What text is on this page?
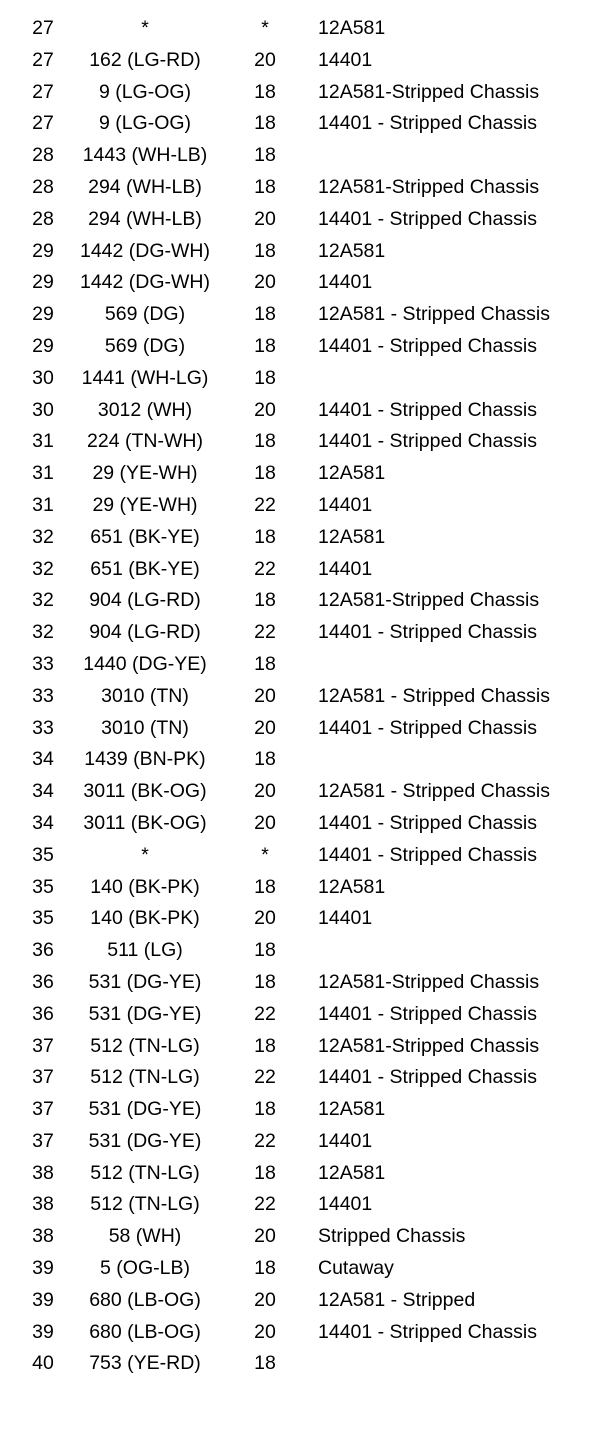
27	*	*	12A581
27	162 (LG-RD)	20	14401
27	9 (LG-OG)	18	12A581-Stripped Chassis
27	9 (LG-OG)	18	14401 - Stripped Chassis
28	1443 (WH-LB)	18
28	294 (WH-LB)	18	12A581-Stripped Chassis
28	294 (WH-LB)	20	14401 - Stripped Chassis
29	1442 (DG-WH)	18	12A581
29	1442 (DG-WH)	20	14401
29	569 (DG)	18	12A581 - Stripped Chassis
29	569 (DG)	18	14401 - Stripped Chassis
30	1441 (WH-LG)	18
30	3012 (WH)	20	14401 - Stripped Chassis
31	224 (TN-WH)	18	14401 - Stripped Chassis
31	29 (YE-WH)	18	12A581
31	29 (YE-WH)	22	14401
32	651 (BK-YE)	18	12A581
32	651 (BK-YE)	22	14401
32	904 (LG-RD)	18	12A581-Stripped Chassis
32	904 (LG-RD)	22	14401 - Stripped Chassis
33	1440 (DG-YE)	18
33	3010 (TN)	20	12A581 - Stripped Chassis
33	3010 (TN)	20	14401 - Stripped Chassis
34	1439 (BN-PK)	18
34	3011 (BK-OG)	20	12A581 - Stripped Chassis
34	3011 (BK-OG)	20	14401 - Stripped Chassis
35	*	*	14401 - Stripped Chassis
35	140 (BK-PK)	18	12A581
35	140 (BK-PK)	20	14401
36	511 (LG)	18
36	531 (DG-YE)	18	12A581-Stripped Chassis
36	531 (DG-YE)	22	14401 - Stripped Chassis
37	512 (TN-LG)	18	12A581-Stripped Chassis
37	512 (TN-LG)	22	14401 - Stripped Chassis
37	531 (DG-YE)	18	12A581
37	531 (DG-YE)	22	14401
38	512 (TN-LG)	18	12A581
38	512 (TN-LG)	22	14401
38	58 (WH)	20	Stripped Chassis
39	5 (OG-LB)	18	Cutaway
39	680 (LB-OG)	20	12A581 - Stripped
39	680 (LB-OG)	20	14401 - Stripped Chassis
40	753 (YE-RD)	18
